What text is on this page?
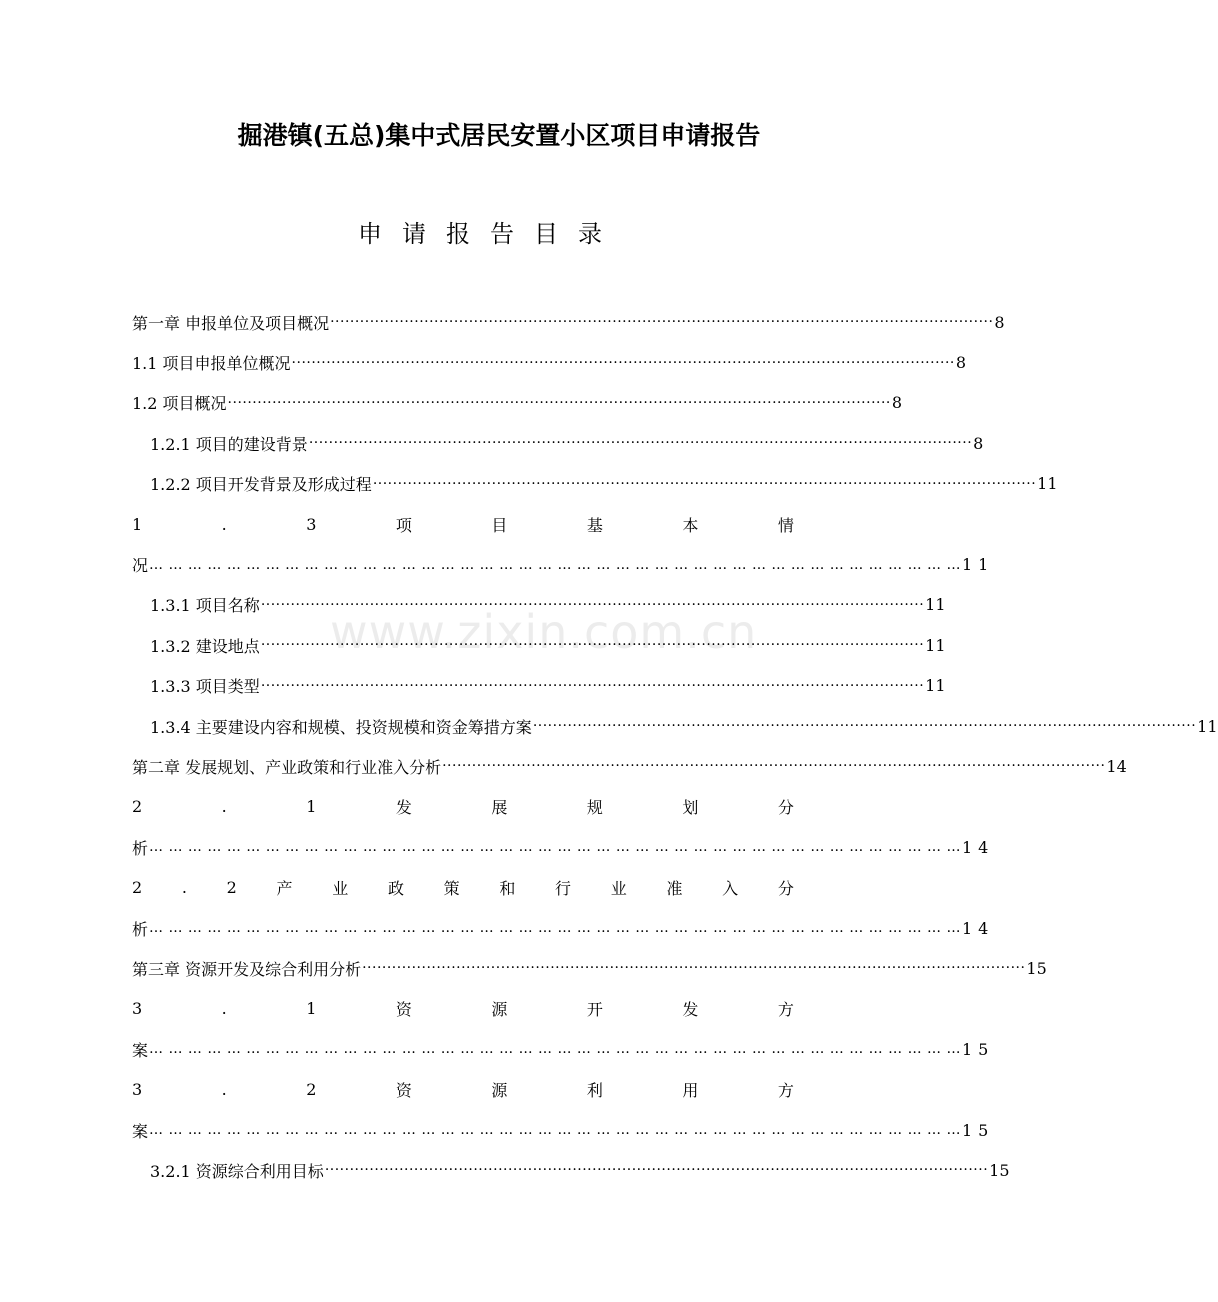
掘港镇(五总)集中式居民安置小区项目申请报告
申请报告目录
www.zixin.com.cn
第一章 申报单位及项目概况 ·····	8
1.1 项目申报单位概况 ·····	8
1.2 项目概况 ·····	8
1.2.1 项目的建设背景 ·····	8
1.2.2 项目开发背景及形成过程 ·····	11
1	.	3	项	目	基	本	情
况 … … … … … … … … … … … … … … … … … … … … … … … … … … … … … … … … … … … … … … … … … …	11
1.3.1 项目名称 ·····	11
1.3.2 建设地点 ·····	11
1.3.3 项目类型 ·····	11
1.3.4 主要建设内容和规模、投资规模和资金筹措方案 ·····	11
第二章 发展规划、产业政策和行业准入分析 ·····	14
2	.	1	发	展	规	划	分
析 … … … … … … … … … … … … … … … … … … … … … … … … … … … … … … … … … … … … … … … … … …	14
2 . 2 产 业 政 策 和 行 业 准 入 分
析 … … … … … … … … … … … … … … … … … … … … … … … … … … … … … … … … … … … … … … … … … …	14
第三章 资源开发及综合利用分析 ·····	15
3	.	1	资	源	开	发	方
案 … … … … … … … … … … … … … … … … … … … … … … … … … … … … … … … … … … … … … … … … … …	15
3	.	2	资	源	利	用	方
案 … … … … … … … … … … … … … … … … … … … … … … … … … … … … … … … … … … … … … … … … … …	15
3.2.1 资源综合利用目标 ·····	15
